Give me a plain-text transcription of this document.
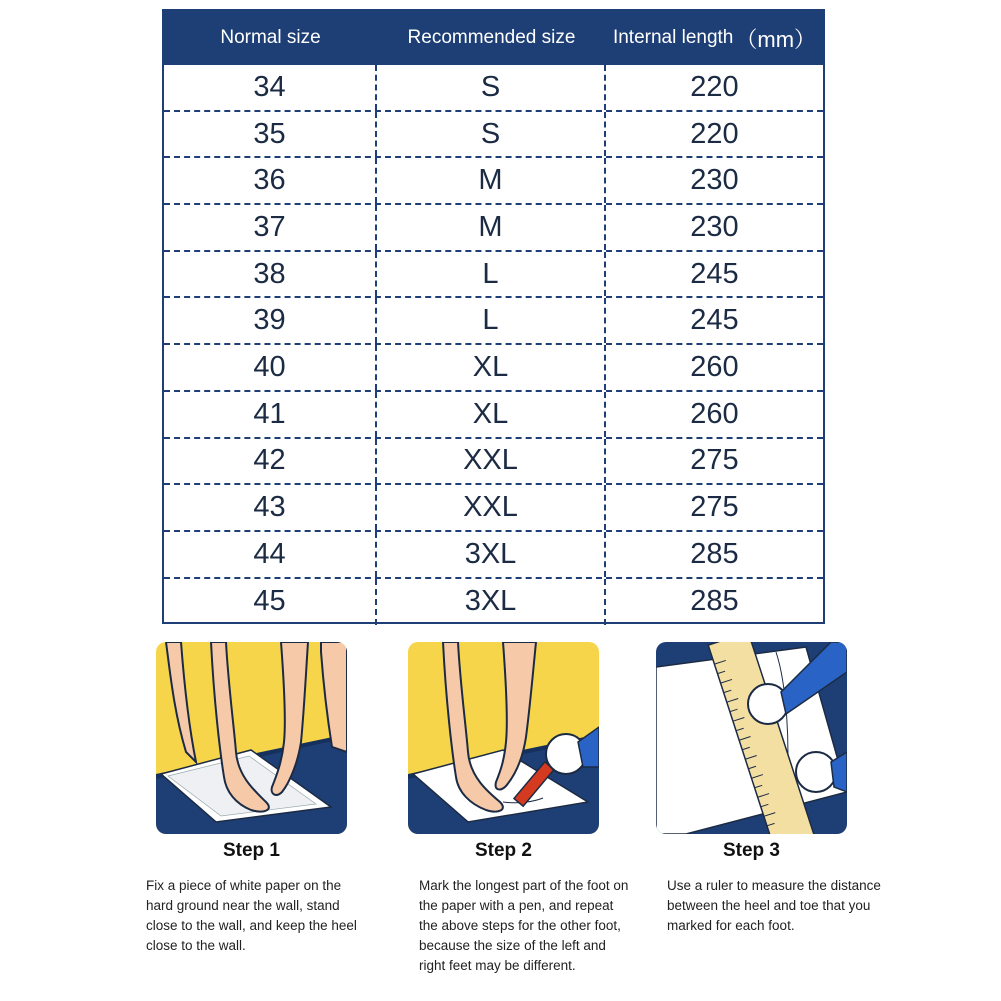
Normal size	Recommended size	Internal length （mm）
34	S	220
35	S	220
36	M	230
37	M	230
38	L	245
39	L	245
40	XL	260
41	XL	260
42	XXL	275
43	XXL	275
44	3XL	285
45	3XL	285
Step 1
Fix a piece of white paper on the hard ground near the wall, stand close to the wall, and keep the heel close to the wall.
Step 2
Mark the longest part of the foot on the paper with a pen, and repeat the above steps for the other foot, because the size of the left and right feet may be different.
Step 3
Use a ruler to measure the distance between the heel and toe that you marked for each foot.
